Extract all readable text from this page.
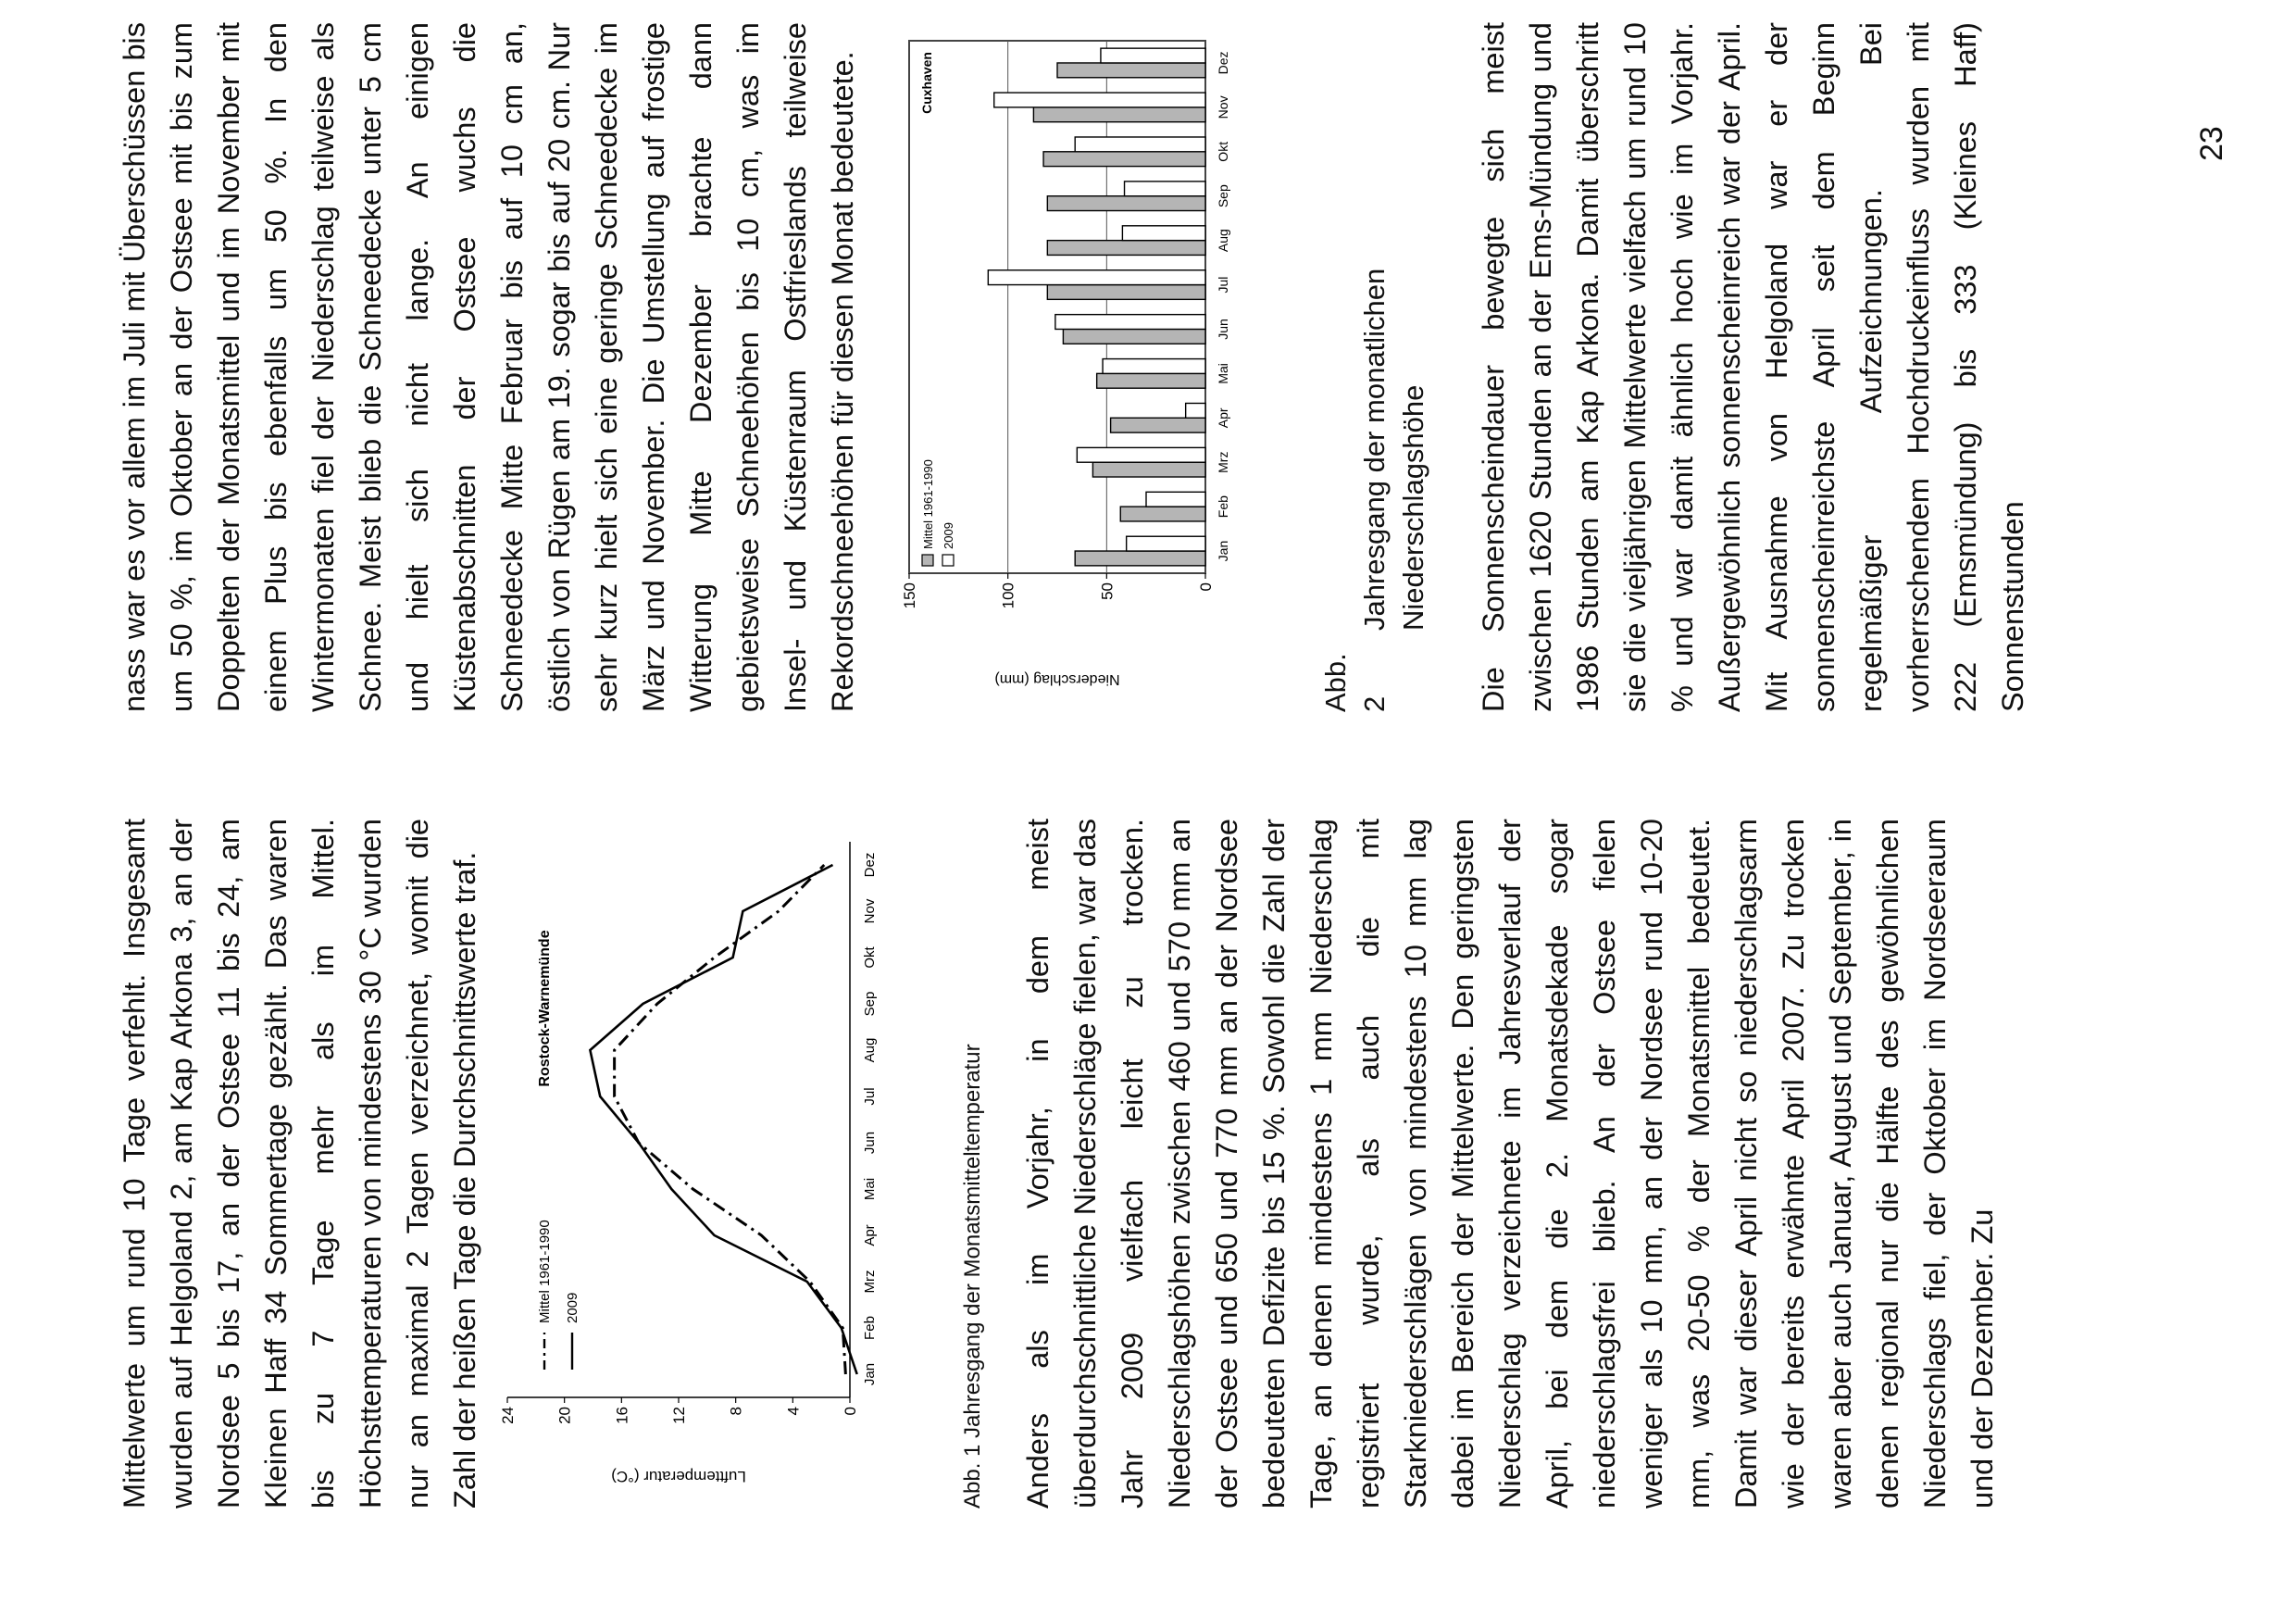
Mittelwerte um rund 10 Tage verfehlt. Insgesamt wurden auf Helgoland 2, am Kap Arkona 3, an der Nordsee 5 bis 17, an der Ostsee 11 bis 24, am Kleinen Haff 34 Sommertage gezählt. Das waren bis zu 7 Tage mehr als im Mittel. Höchsttemperaturen von mindestens 30 °C wurden nur an maximal 2 Tagen verzeichnet, womit die Zahl der heißen Tage die Durchschnittswerte traf.	0
4
8
12
16
20
24
Jan
Feb
Mrz
Apr
Mai
Jun
Jul
Aug
Sep
Okt
Nov
Dez
Lufttemperatur (°C)
Mittel 1961-1990 2009
Rostock-Warnemünde
Abb. 1 Jahresgang der Monatsmitteltemperatur Anders als im Vorjahr, in dem meist überdurchschnittliche Niederschläge fielen, war das Jahr 2009 vielfach leicht zu trocken. Niederschlagshöhen zwischen 460 und 570 mm an der Ostsee und 650 und 770 mm an der Nordsee bedeuteten Defizite bis 15 %. Sowohl die Zahl der Tage, an denen mindestens 1 mm Niederschlag registriert wurde, als auch die mit Starkniederschlägen von mindestens 10 mm lag dabei im Bereich der Mittelwerte. Den geringsten Niederschlag verzeichnete im Jahresverlauf der April, bei dem die 2. Monatsdekade sogar niederschlagsfrei blieb. An der Ostsee fielen weniger als 10 mm, an der Nordsee rund 10-20 mm, was 20-50 % der Monatsmittel bedeutet. Damit war dieser April nicht so niederschlagsarm wie der bereits erwähnte April 2007. Zu trocken waren aber auch Januar, August und September, in denen regional nur die Hälfte des gewöhnlichen Niederschlags fiel, der Oktober im Nordseeraum und der Dezember. Zu

nass war es vor allem im Juli mit Überschüssen bis um 50 %, im Oktober an der Ostsee mit bis zum Doppelten der Monatsmittel und im November mit einem Plus bis ebenfalls um 50 %. In den Wintermonaten fiel der Niederschlag teilweise als Schnee. Meist blieb die Schneedecke unter 5 cm und hielt sich nicht lange. An einigen Küstenabschnitten der Ostsee wuchs die Schneedecke Mitte Februar bis auf 10 cm an, östlich von Rügen am 19. sogar bis auf 20 cm. Nur sehr kurz hielt sich eine geringe Schneedecke im März und November. Die Umstellung auf frostige Witterung Mitte Dezember brachte dann gebietsweise Schneehöhen bis 10 cm, was im Insel- und Küstenraum Ostfrieslands teilweise Rekordschneehöhen für diesen Monat bedeutete.	0
50
100
150
Jan
Feb
Mrz
Apr
Mai
Jun
Jul
Aug
Sep
Okt
Nov
Dez
Niederschlag (mm)
Mittel 1961-1990 2009
Cuxhaven
Abb. 2Jahresgang der monatlichen Niederschlagshöhe Die Sonnenscheindauer bewegte sich meist zwischen 1620 Stunden an der Ems-Mündung und 1986 Stunden am Kap Arkona. Damit überschritt sie die vieljährigen Mittelwerte vielfach um rund 10 % und war damit ähnlich hoch wie im Vorjahr. Außergewöhnlich sonnenscheinreich war der April. Mit Ausnahme von Helgoland war er der sonnenscheinreichste April seit dem Beginn regelmäßiger Aufzeichnungen. Bei vorherrschendem Hochdruckeinfluss wurden mit 222 (Emsmündung) bis 333 (Kleines Haff) Sonnenstunden

23
